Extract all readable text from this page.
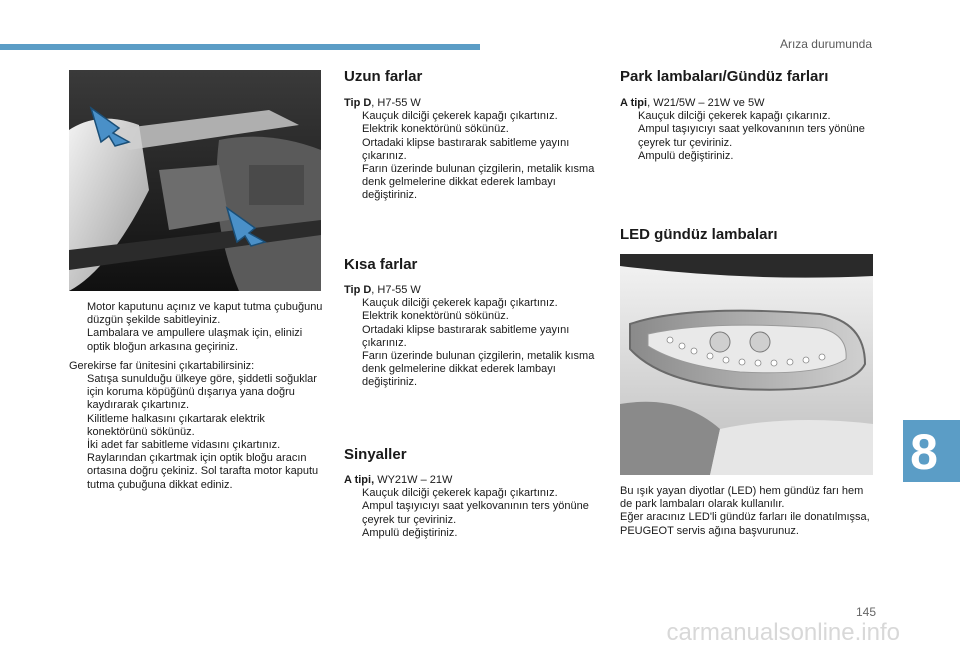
Arıza durumunda
Motor kaputunu açınız ve kaput tutma çubuğunu düzgün şekilde sabitleyiniz.
Lambalara ve ampullere ulaşmak için, elinizi optik bloğun arkasına geçiriniz.

Gerekirse far ünitesini çıkartabilirsiniz:

Satışa sunulduğu ülkeye göre, şiddetli soğuklar için koruma köpüğünü dışarıya yana doğru kaydırarak çıkartınız.
Kilitleme halkasını çıkartarak elektrik konektörünü sökünüz.
İki adet far sabitleme vidasını çıkartınız.
Raylarından çıkartmak için optik bloğu aracın ortasına doğru çekiniz. Sol tarafta motor kaputu tutma çubuğuna dikkat ediniz.
Uzun farlar

Tip D, H7-55 W

Kauçuk dilciği çekerek kapağı çıkartınız.
Elektrik konektörünü sökünüz.
Ortadaki klipse bastırarak sabitleme yayını çıkarınız.
Farın üzerinde bulunan çizgilerin, metalik kısma denk gelmelerine dikkat ederek lambayı değiştiriniz.
Kısa farlar

Tip D, H7-55 W

Kauçuk dilciği çekerek kapağı çıkartınız.
Elektrik konektörünü sökünüz.
Ortadaki klipse bastırarak sabitleme yayını çıkarınız.
Farın üzerinde bulunan çizgilerin, metalik kısma denk gelmelerine dikkat ederek lambayı değiştiriniz.
Sinyaller

A tipi, WY21W – 21W

Kauçuk dilciği çekerek kapağı çıkartınız.
Ampul taşıyıcıyı saat yelkovanının ters yönüne çeyrek tur çeviriniz.
Ampulü değiştiriniz.
Park lambaları/Gündüz farları

A tipi, W21/5W – 21W ve 5W

Kauçuk dilciği çekerek kapağı çıkarınız.
Ampul taşıyıcıyı saat yelkovanının ters yönüne çeyrek tur çeviriniz.
Ampulü değiştiriniz.
LED gündüz lambaları

Bu ışık yayan diyotlar (LED) hem gündüz farı hem de park lambaları olarak kullanılır.

Eğer aracınız LED'li gündüz farları ile donatılmışsa, PEUGEOT servis ağına başvurunuz.

8
145
carmanualsonline.info
